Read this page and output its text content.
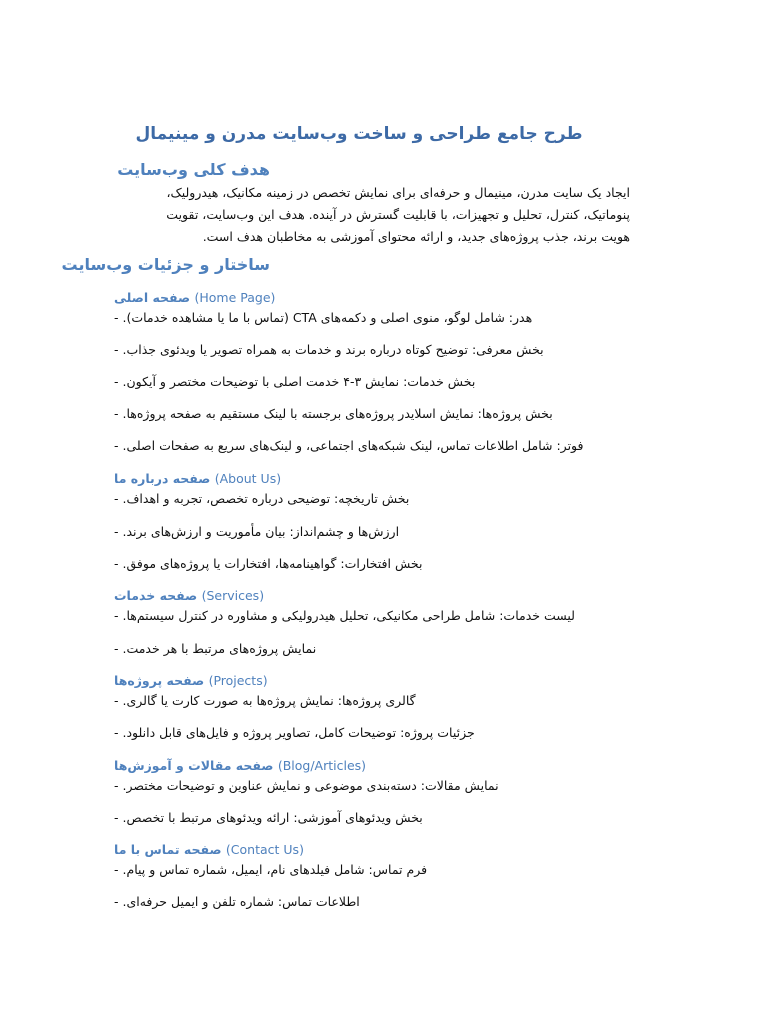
طرح جامع طراحی و ساخت وب‌سایت مدرن و مینیمال
هدف کلی وب‌سایت
ایجاد یک سایت مدرن، مینیمال و حرفه‌ای برای نمایش تخصص در زمینه مکانیک، هیدرولیک،
پنوماتیک، کنترل، تحلیل و تجهیزات، با قابلیت گسترش در آینده. هدف این وب‌سایت، تقویت
هویت برند، جذب پروژه‌های جدید، و ارائه محتوای آموزشی به مخاطبان هدف است.
ساختار و جزئیات وب‌سایت
صفحه اصلی (Home Page)
- هدر: شامل لوگو، منوی اصلی و دکمه‌های CTA (تماس با ما یا مشاهده خدمات).
- بخش معرفی: توضیح کوتاه درباره برند و خدمات به همراه تصویر یا ویدئوی جذاب.
- بخش خدمات: نمایش ۳-۴ خدمت اصلی با توضیحات مختصر و آیکون.
- بخش پروژه‌ها: نمایش اسلایدر پروژه‌های برجسته با لینک مستقیم به صفحه پروژه‌ها.
- فوتر: شامل اطلاعات تماس، لینک شبکه‌های اجتماعی، و لینک‌های سریع به صفحات اصلی.
صفحه درباره ما (About Us)
- بخش تاریخچه: توضیحی درباره تخصص، تجربه و اهداف.
- ارزش‌ها و چشم‌انداز: بیان مأموریت و ارزش‌های برند.
- بخش افتخارات: گواهینامه‌ها، افتخارات یا پروژه‌های موفق.
صفحه خدمات (Services)
- لیست خدمات: شامل طراحی مکانیکی، تحلیل هیدرولیکی و مشاوره در کنترل سیستم‌ها.
- نمایش پروژه‌های مرتبط با هر خدمت.
صفحه پروژه‌ها (Projects)
- گالری پروژه‌ها: نمایش پروژه‌ها به صورت کارت یا گالری.
- جزئیات پروژه: توضیحات کامل، تصاویر پروژه و فایل‌های قابل دانلود.
صفحه مقالات و آموزش‌ها (Blog/Articles)
- نمایش مقالات: دسته‌بندی موضوعی و نمایش عناوین و توضیحات مختصر.
- بخش ویدئوهای آموزشی: ارائه ویدئوهای مرتبط با تخصص.
صفحه تماس با ما (Contact Us)
- فرم تماس: شامل فیلدهای نام، ایمیل، شماره تماس و پیام.
- اطلاعات تماس: شماره تلفن و ایمیل حرفه‌ای.
